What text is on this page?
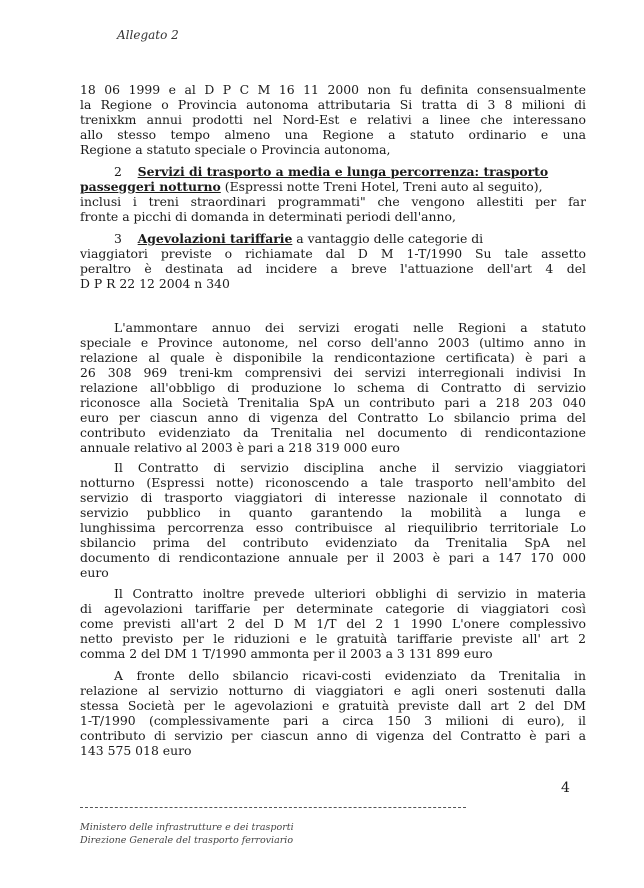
Allegato 2
18 06 1999 e al D P C M 16 11 2000 non fu definita consensualmente
la Regione o Provincia autonoma attributaria Si tratta di 3 8 milioni di
trenixkm annui prodotti nel Nord-Est e relativi a linee che interessano
allo stesso tempo almeno una Regione a statuto ordinario e una
Regione a statuto speciale o Provincia autonoma,
2 Servizi di trasporto a media e lunga percorrenza: trasporto
passeggeri notturno (Espressi notte Treni Hotel, Treni auto al seguito),
inclusi i treni straordinari programmati" che vengono allestiti per far
fronte a picchi di domanda in determinati periodi dell'anno,
3 Agevolazioni tariffarie a vantaggio delle categorie di
viaggiatori previste o richiamate dal D M 1-T/1990 Su tale assetto
peraltro è destinata ad incidere a breve l'attuazione dell'art 4 del
D P R 22 12 2004 n 340
L'ammontare annuo dei servizi erogati nelle Regioni a statuto
speciale e Province autonome, nel corso dell'anno 2003 (ultimo anno in
relazione al quale è disponibile la rendicontazione certificata) è pari a
26 308 969 treni-km comprensivi dei servizi interregionali indivisi In
relazione all'obbligo di produzione lo schema di Contratto di servizio
riconosce alla Società Trenitalia SpA un contributo pari a 218 203 040
euro per ciascun anno di vigenza del Contratto Lo sbilancio prima del
contributo evidenziato da Trenitalia nel documento di rendicontazione
annuale relativo al 2003 è pari a 218 319 000 euro
Il Contratto di servizio disciplina anche il servizio viaggiatori
notturno (Espressi notte) riconoscendo a tale trasporto nell'ambito del
servizio di trasporto viaggiatori di interesse nazionale il connotato di
servizio pubblico in quanto garantendo la mobilità a lunga e
lunghissima percorrenza esso contribuisce al riequilibrio territoriale Lo
sbilancio prima del contributo evidenziato da Trenitalia SpA nel
documento di rendicontazione annuale per il 2003 è pari a 147 170 000
euro
Il Contratto inoltre prevede ulteriori obblighi di servizio in materia
di agevolazioni tariffarie per determinate categorie di viaggiatori così
come previsti all'art 2 del D M 1/T del 2 1 1990 L'onere complessivo
netto previsto per le riduzioni e le gratuità tariffarie previste all' art 2
comma 2 del DM 1 T/1990 ammonta per il 2003 a 3 131 899 euro
A fronte dello sbilancio ricavi-costi evidenziato da Trenitalia in
relazione al servizio notturno di viaggiatori e agli oneri sostenuti dalla
stessa Società per le agevolazioni e gratuità previste dall art 2 del DM
1-T/1990 (complessivamente pari a circa 150 3 milioni di euro), il
contributo di servizio per ciascun anno di vigenza del Contratto è pari a
143 575 018 euro
4
Ministero delle infrastrutture e dei trasporti
Direzione Generale del trasporto ferroviario
